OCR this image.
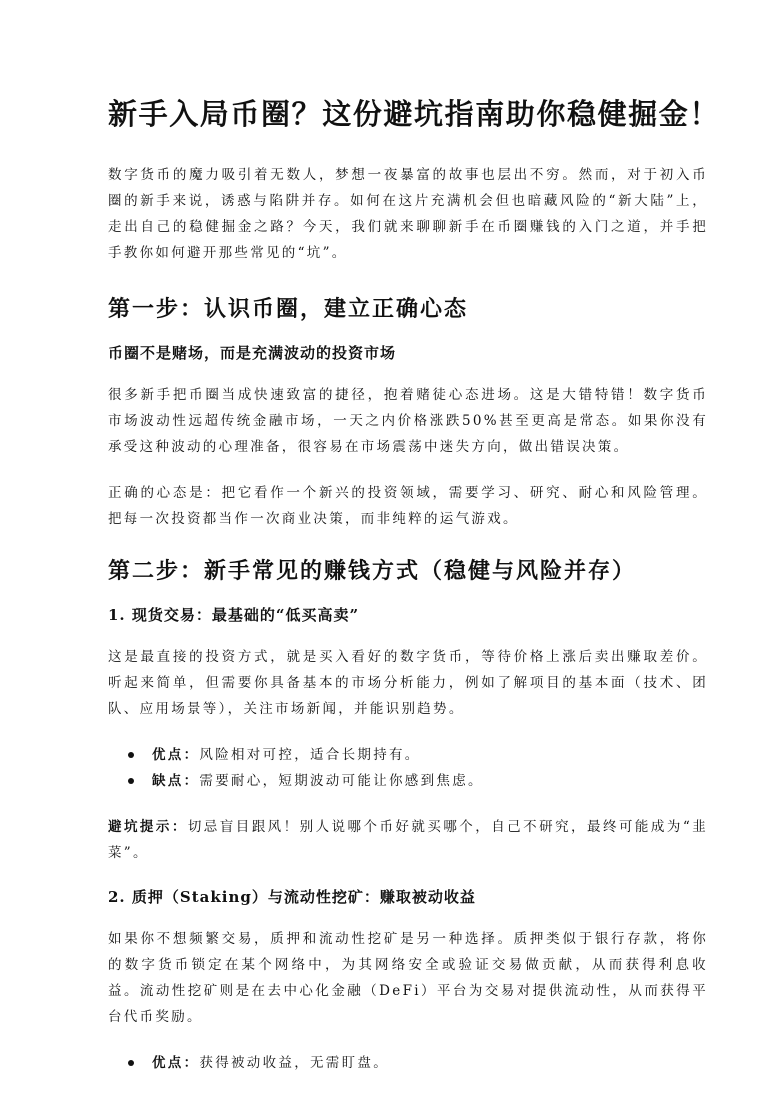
新手入局币圈？这份避坑指南助你稳健掘金！

数字货币的魔力吸引着无数人，梦想一夜暴富的故事也层出不穷。然而，对于初入币圈的新手来说，诱惑与陷阱并存。如何在这片充满机会但也暗藏风险的“新大陆”上，走出自己的稳健掘金之路？今天，我们就来聊聊新手在币圈赚钱的入门之道，并手把手教你如何避开那些常见的“坑”。

第一步：认识币圈，建立正确心态
币圈不是赌场，而是充满波动的投资市场

很多新手把币圈当成快速致富的捷径，抱着赌徒心态进场。这是大错特错！数字货币市场波动性远超传统金融市场，一天之内价格涨跌50%甚至更高是常态。如果你没有承受这种波动的心理准备，很容易在市场震荡中迷失方向，做出错误决策。

正确的心态是：把它看作一个新兴的投资领域，需要学习、研究、耐心和风险管理。把每一次投资都当作一次商业决策，而非纯粹的运气游戏。

第二步：新手常见的赚钱方式（稳健与风险并存）
1. 现货交易：最基础的“低买高卖”

这是最直接的投资方式，就是买入看好的数字货币，等待价格上涨后卖出赚取差价。听起来简单，但需要你具备基本的市场分析能力，例如了解项目的基本面（技术、团队、应用场景等），关注市场新闻，并能识别趋势。

优点：风险相对可控，适合长期持有。
缺点：需要耐心，短期波动可能让你感到焦虑。

避坑提示：切忌盲目跟风！别人说哪个币好就买哪个，自己不研究，最终可能成为“韭菜”。

2. 质押（Staking）与流动性挖矿：赚取被动收益

如果你不想频繁交易，质押和流动性挖矿是另一种选择。质押类似于银行存款，将你的数字货币锁定在某个网络中，为其网络安全或验证交易做贡献，从而获得利息收益。流动性挖矿则是在去中心化金融（DeFi）平台为交易对提供流动性，从而获得平台代币奖励。

优点：获得被动收益，无需盯盘。
